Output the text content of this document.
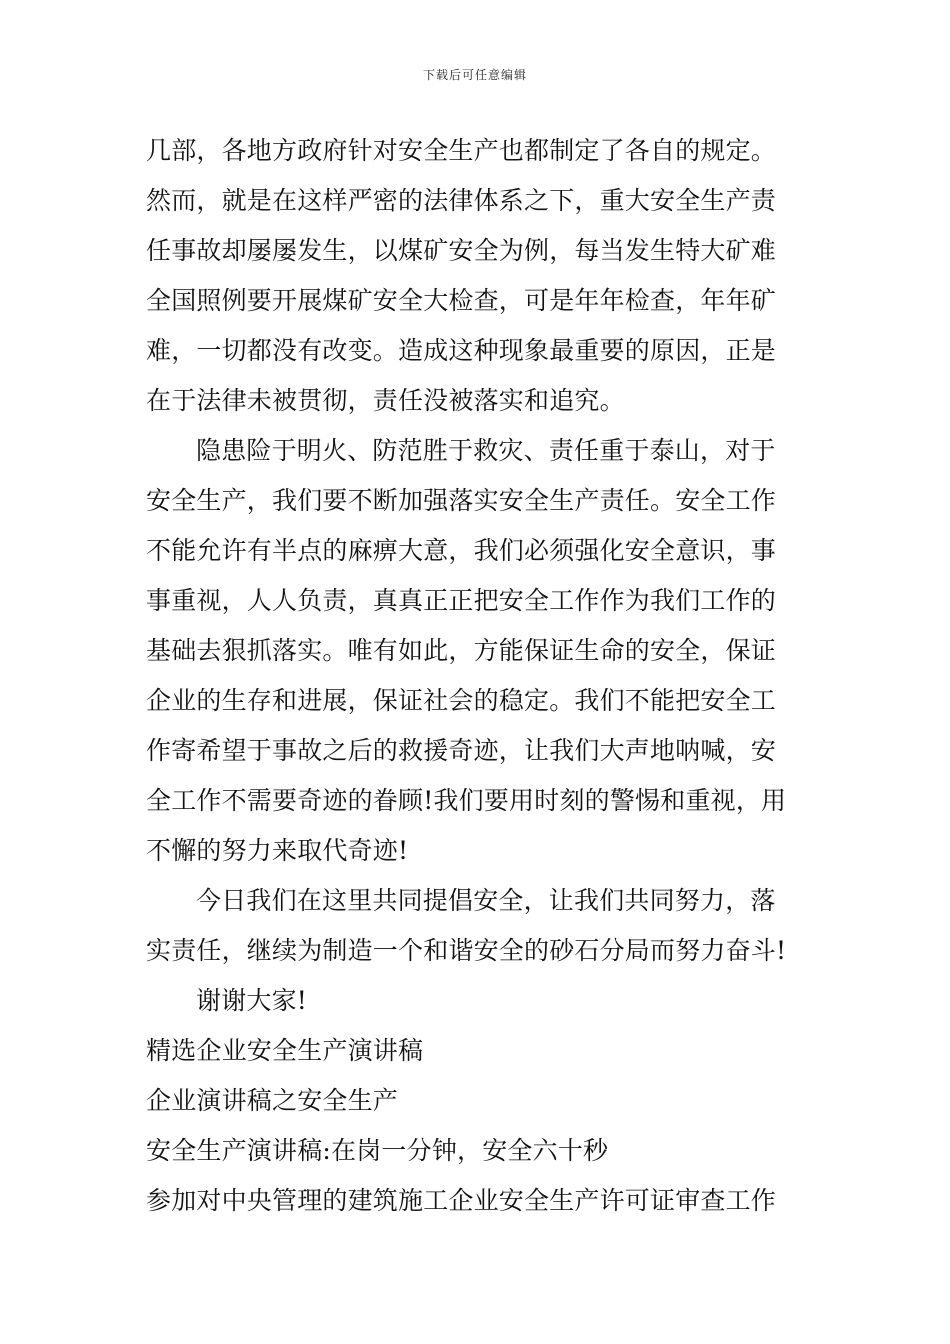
下载后可任意编辑
几部，各地方政府针对安全生产也都制定了各自的规定。
然而，就是在这样严密的法律体系之下，重大安全生产责
任事故却屡屡发生，以煤矿安全为例，每当发生特大矿难
全国照例要开展煤矿安全大检查，可是年年检查，年年矿
难，一切都没有改变。造成这种现象最重要的原因，正是
在于法律未被贯彻，责任没被落实和追究。
隐患险于明火、防范胜于救灾、责任重于泰山，对于
安全生产，我们要不断加强落实安全生产责任。安全工作
不能允许有半点的麻痹大意，我们必须强化安全意识，事
事重视，人人负责，真真正正把安全工作作为我们工作的
基础去狠抓落实。唯有如此，方能保证生命的安全，保证
企业的生存和进展，保证社会的稳定。我们不能把安全工
作寄希望于事故之后的救援奇迹，让我们大声地呐喊，安
全工作不需要奇迹的眷顾!我们要用时刻的警惕和重视，用
不懈的努力来取代奇迹!
今日我们在这里共同提倡安全，让我们共同努力，落
实责任，继续为制造一个和谐安全的砂石分局而努力奋斗!
谢谢大家!
精选企业安全生产演讲稿
企业演讲稿之安全生产
安全生产演讲稿:在岗一分钟，安全六十秒
参加对中央管理的建筑施工企业安全生产许可证审查工作
